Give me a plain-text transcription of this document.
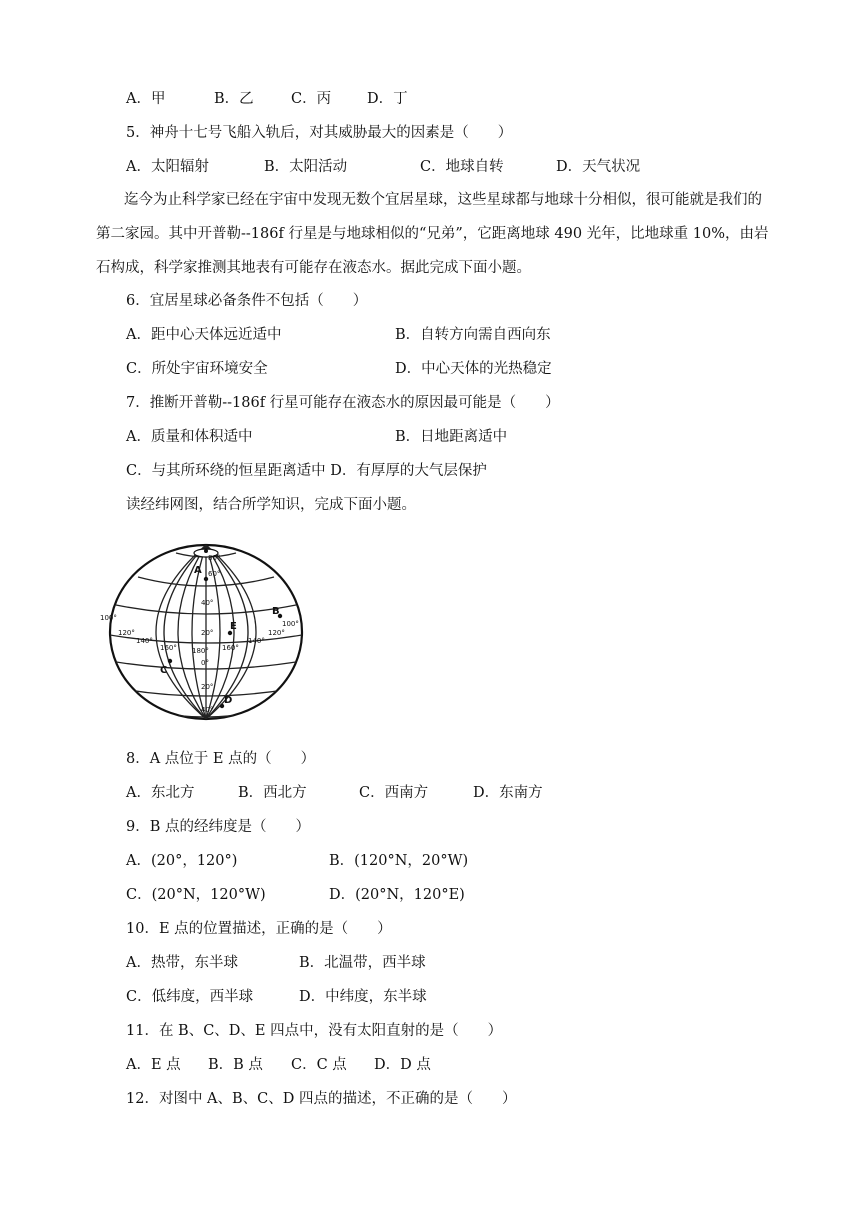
A．甲	B．乙	C．丙 D．丁
5．神舟十七号飞船入轨后，对其威胁最大的因素是（　　）
A．太阳辐射	B．太阳活动	C．地球自转	D．天气状况
迄今为止科学家已经在宇宙中发现无数个宜居星球，这些星球都与地球十分相似，很可能就是我们的第二家园。其中开普勒--186f 行星是与地球相似的“兄弟”，它距离地球 490 光年，比地球重 10%，由岩石构成，科学家推测其地表有可能存在液态水。据此完成下面小题。
6．宜居星球必备条件不包括（　　）
A．距中心天体远近适中	B．自转方向需自西向东
C．所处宇宙环境安全	D．中心天体的光热稳定
7．推断开普勒--186f 行星可能存在液态水的原因最可能是（　　）
A．质量和体积适中	B．日地距离适中
C．与其所环绕的恒星距离适中 D．有厚厚的大气层保护
读经纬网图，结合所学知识，完成下面小题。
80°
60°
40°
20°
0°
20°
40°
100°
120°
140°
160° 180° 160°
140°
120°
100°
A
B
C
D
E
8．A 点位于 E 点的（　　）
A．东北方	B．西北方	C．西南方	D．东南方
9．B 点的经纬度是（　　）
A．(20°，120°)	B．(120°N，20°W)
C．(20°N，120°W)	D．(20°N，120°E)
10．E 点的位置描述，正确的是（　　）
A．热带，东半球	B．北温带，西半球
C．低纬度，西半球	D．中纬度，东半球
11．在 B、C、D、E 四点中，没有太阳直射的是（　　）
A．E 点 B．B 点 C．C 点 D．D 点
12．对图中 A、B、C、D 四点的描述，不正确的是（　　）
